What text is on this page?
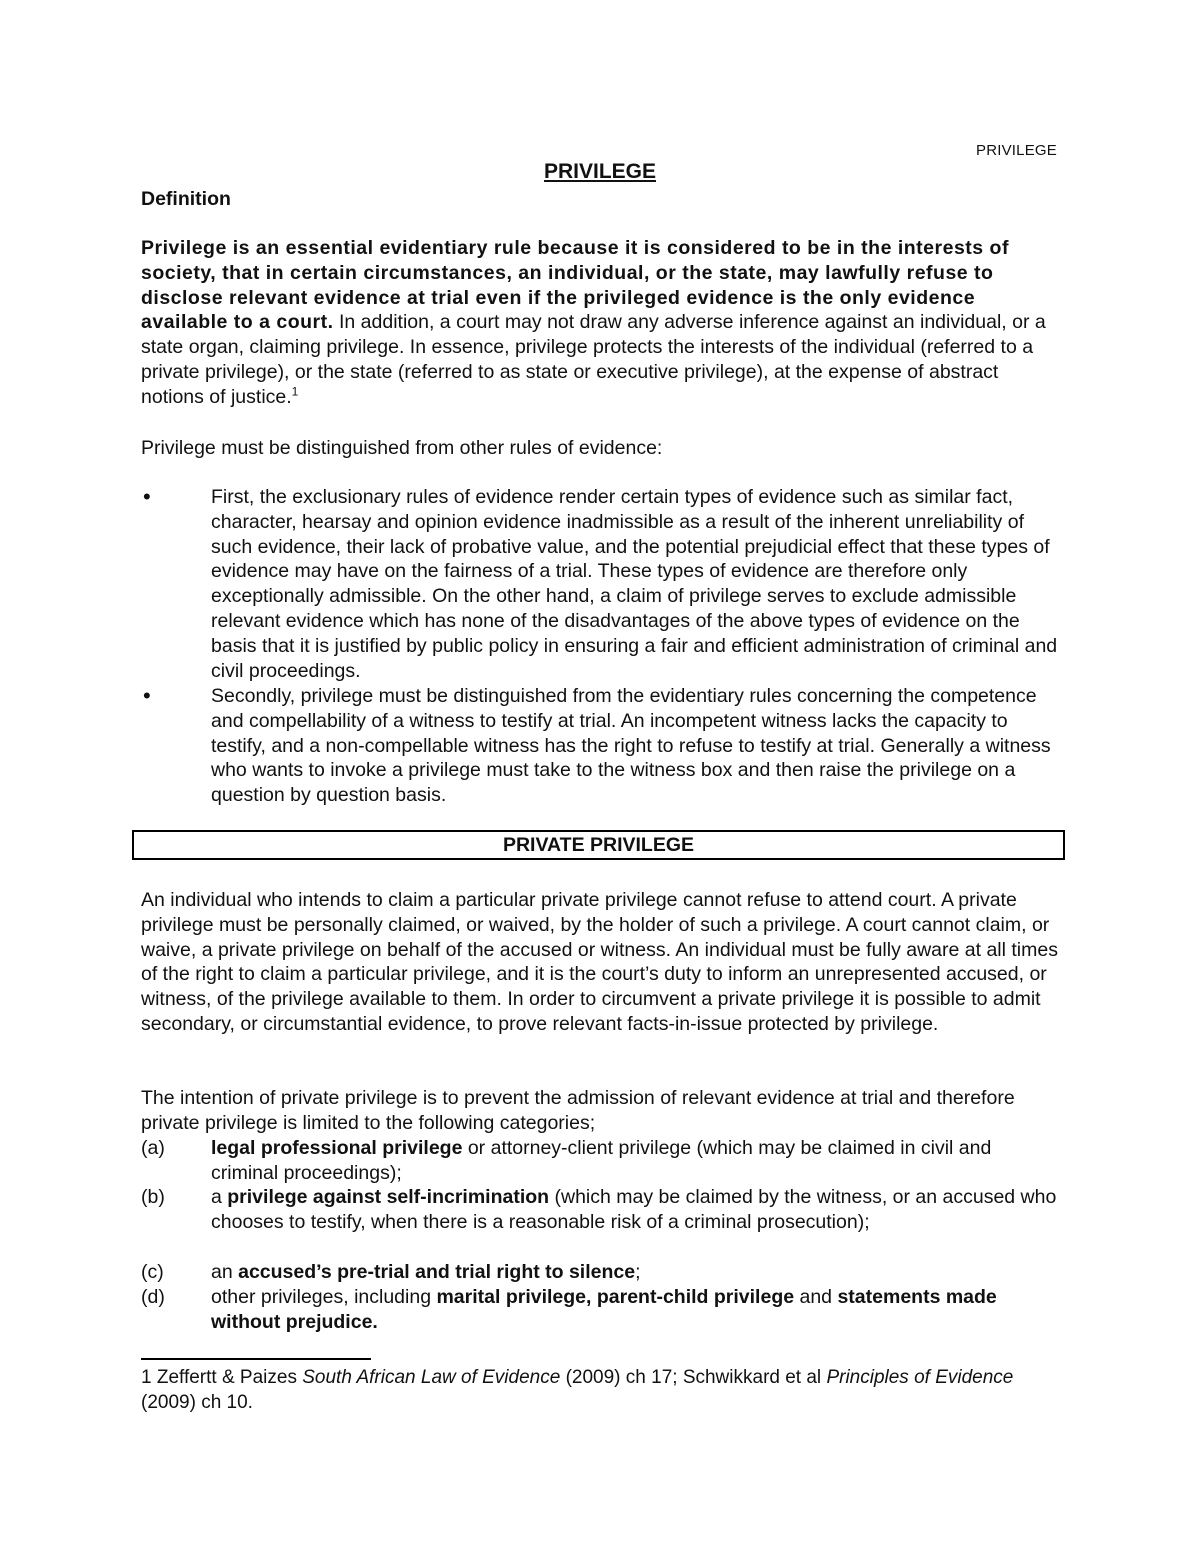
PRIVILEGE
PRIVILEGE
Definition
Privilege is an essential evidentiary rule because it is considered to be in the interests of society, that in certain circumstances, an individual, or the state, may lawfully refuse to disclose relevant evidence at trial even if the privileged evidence is the only evidence available to a court. In addition, a court may not draw any adverse inference against an individual, or a state organ, claiming privilege. In essence, privilege protects the interests of the individual (referred to a private privilege), or the state (referred to as state or executive privilege), at the expense of abstract notions of justice.$^1$
Privilege must be distinguished from other rules of evidence:
•	First, the exclusionary rules of evidence render certain types of evidence such as similar fact, character, hearsay and opinion evidence inadmissible as a result of the inherent unreliability of such evidence, their lack of probative value, and the potential prejudicial effect that these types of evidence may have on the fairness of a trial. These types of evidence are therefore only exceptionally admissible. On the other hand, a claim of privilege serves to exclude admissible relevant evidence which has none of the disadvantages of the above types of evidence on the basis that it is justified by public policy in ensuring a fair and efficient administration of criminal and civil proceedings.
•	Secondly, privilege must be distinguished from the evidentiary rules concerning the competence and compellability of a witness to testify at trial. An incompetent witness lacks the capacity to testify, and a non-compellable witness has the right to refuse to testify at trial. Generally a witness who wants to invoke a privilege must take to the witness box and then raise the privilege on a question by question basis.
PRIVATE PRIVILEGE
An individual who intends to claim a particular private privilege cannot refuse to attend court. A private privilege must be personally claimed, or waived, by the holder of such a privilege. A court cannot claim, or waive, a private privilege on behalf of the accused or witness. An individual must be fully aware at all times of the right to claim a particular privilege, and it is the court’s duty to inform an unrepresented accused, or witness, of the privilege available to them. In order to circumvent a private privilege it is possible to admit secondary, or circumstantial evidence, to prove relevant facts-in-issue protected by privilege.
The intention of private privilege is to prevent the admission of relevant evidence at trial and therefore private privilege is limited to the following categories;
(a) legal professional privilege or attorney-client privilege (which may be claimed in civil and criminal proceedings);
(b) a privilege against self-incrimination (which may be claimed by the witness, or an accused who chooses to testify, when there is a reasonable risk of a criminal prosecution);
(c) an accused’s pre-trial and trial right to silence;
(d) other privileges, including marital privilege, parent-child privilege and statements made without prejudice.
1 Zeffertt & Paizes South African Law of Evidence (2009) ch 17; Schwikkard et al Principles of Evidence (2009) ch 10.
